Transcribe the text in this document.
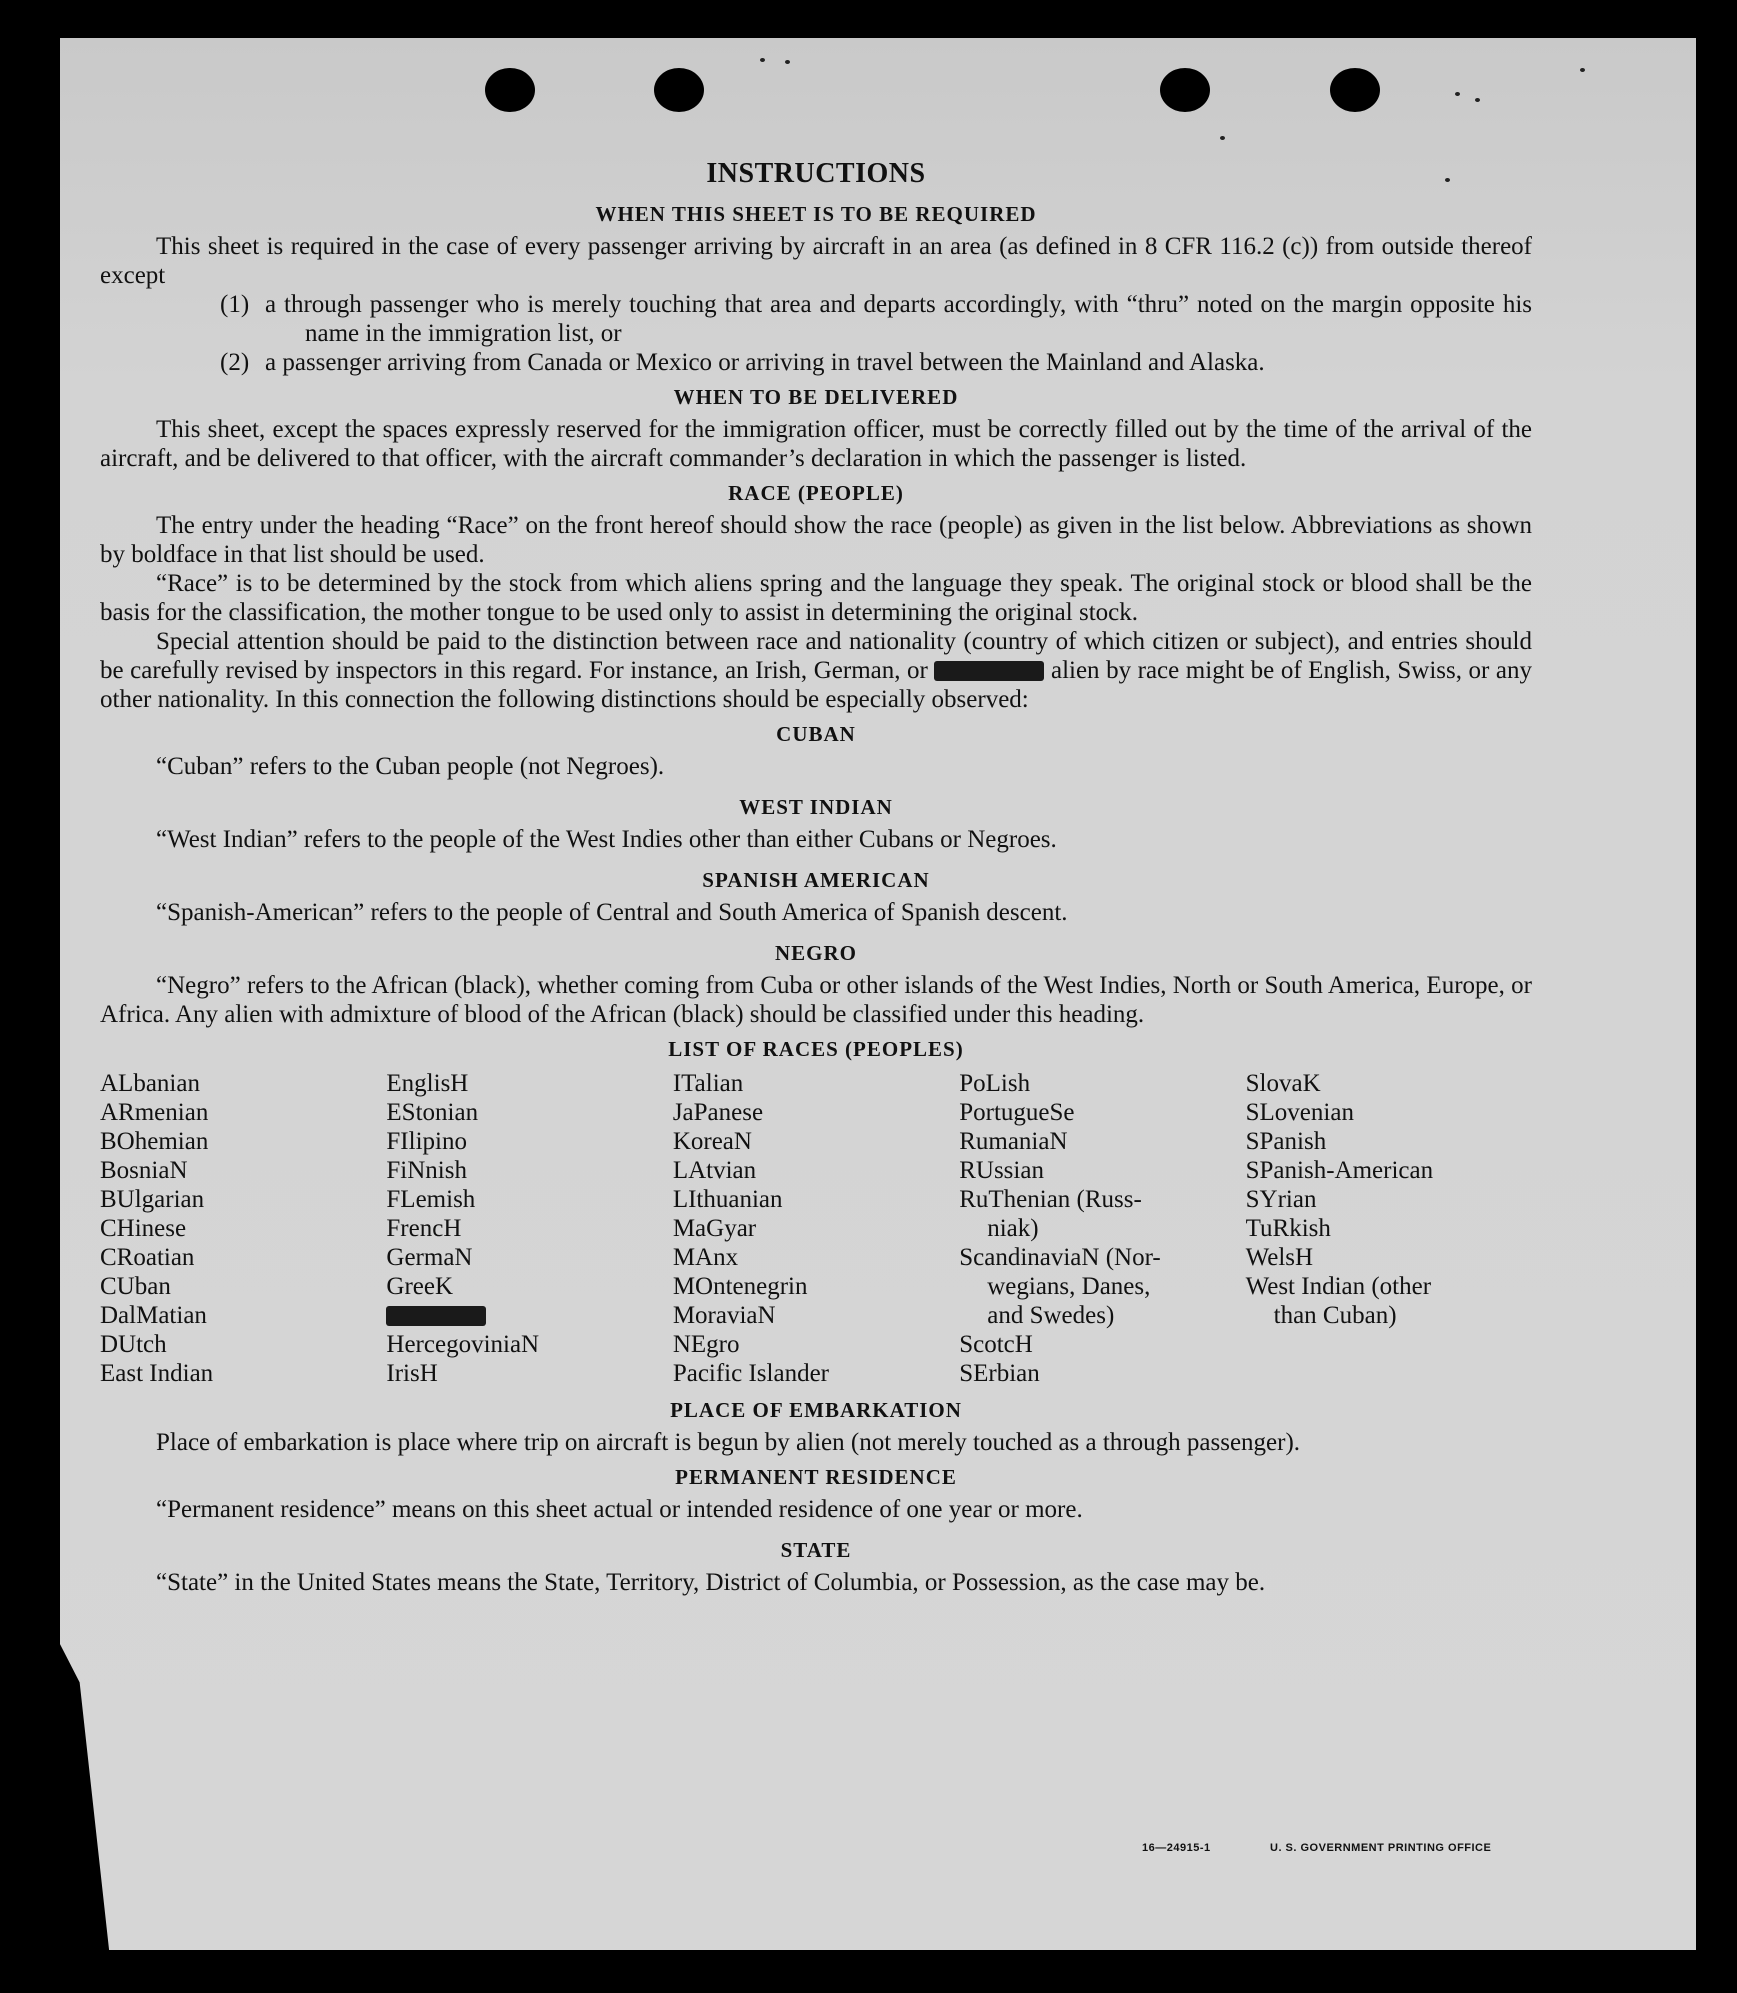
INSTRUCTIONS
WHEN THIS SHEET IS TO BE REQUIRED

This sheet is required in the case of every passenger arriving by aircraft in an area (as defined in 8 CFR 116.2 (c)) from outside thereof except

(1) a through passenger who is merely touching that area and departs accordingly, with “thru” noted on the margin opposite his name in the immigration list, or
(2) a passenger arriving from Canada or Mexico or arriving in travel between the Mainland and Alaska.
WHEN TO BE DELIVERED

This sheet, except the spaces expressly reserved for the immigration officer, must be correctly filled out by the time of the arrival of the aircraft, and be delivered to that officer, with the aircraft commander’s declaration in which the passenger is listed.

RACE (PEOPLE)

The entry under the heading “Race” on the front hereof should show the race (people) as given in the list below. Abbreviations as shown by boldface in that list should be used.

“Race” is to be determined by the stock from which aliens spring and the language they speak. The original stock or blood shall be the basis for the classification, the mother tongue to be used only to assist in determining the original stock.

Special attention should be paid to the distinction between race and nationality (country of which citizen or subject), and entries should be carefully revised by inspectors in this regard. For instance, an Irish, German, or	alien by race might be of English, Swiss, or any other nationality. In this connection the following distinctions should be especially observed:

CUBAN

“Cuban” refers to the Cuban people (not Negroes).

WEST INDIAN

“West Indian” refers to the people of the West Indies other than either Cubans or Negroes.

SPANISH AMERICAN

“Spanish-American” refers to the people of Central and South America of Spanish descent.

NEGRO

“Negro” refers to the African (black), whether coming from Cuba or other islands of the West Indies, North or South America, Europe, or Africa. Any alien with admixture of blood of the African (black) should be classified under this heading.

LIST OF RACES (PEOPLES)
ALbanian
ARmenian
BOhemian
BosniaN
BUlgarian
CHinese
CRoatian
CUban
DalMatian
DUtch
East Indian
EnglisH
EStonian
FIlipino
FiNnish
FLemish
FrencH
GermaN
GreeK
HercegoviniaN
IrisH
ITalian
JaPanese
KoreaN
LAtvian
LIthuanian
MaGyar
MAnx
MOntenegrin
MoraviaN
NEgro
Pacific Islander
PoLish
PortugueSe
RumaniaN
RUssian
RuThenian (Russ-
niak)
ScandinaviaN (Nor-
wegians, Danes,
and Swedes)
ScotcH
SErbian
SlovaK
SLovenian
SPanish
SPanish-American
SYrian
TuRkish
WelsH
West Indian (other
than Cuban)
PLACE OF EMBARKATION

Place of embarkation is place where trip on aircraft is begun by alien (not merely touched as a through passenger).

PERMANENT RESIDENCE

“Permanent residence” means on this sheet actual or intended residence of one year or more.

STATE

“State” in the United States means the State, Territory, District of Columbia, or Possession, as the case may be.

16—24915-1	U. S. GOVERNMENT PRINTING OFFICE
